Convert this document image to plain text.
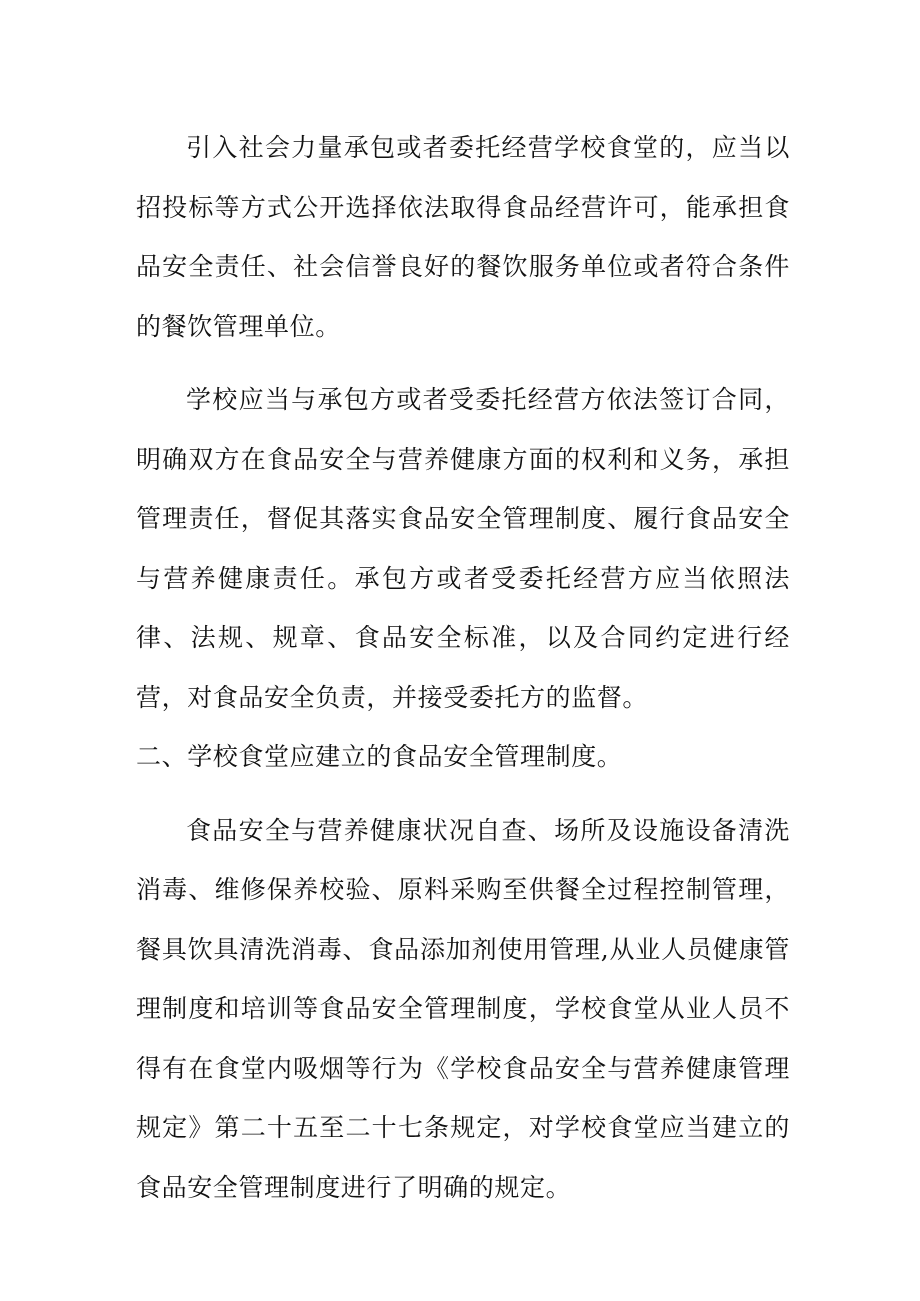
引入社会力量承包或者委托经营学校食堂的，应当以招投标等方式公开选择依法取得食品经营许可，能承担食品安全责任、社会信誉良好的餐饮服务单位或者符合条件的餐饮管理单位。

学校应当与承包方或者受委托经营方依法签订合同，明确双方在食品安全与营养健康方面的权利和义务，承担管理责任，督促其落实食品安全管理制度、履行食品安全与营养健康责任。承包方或者受委托经营方应当依照法律、法规、规章、食品安全标准，以及合同约定进行经营，对食品安全负责，并接受委托方的监督。

二、学校食堂应建立的食品安全管理制度。

食品安全与营养健康状况自查、场所及设施设备清洗消毒、维修保养校验、原料采购至供餐全过程控制管理，餐具饮具清洗消毒、食品添加剂使用管理,从业人员健康管理制度和培训等食品安全管理制度，学校食堂从业人员不得有在食堂内吸烟等行为《学校食品安全与营养健康管理规定》第二十五至二十七条规定，对学校食堂应当建立的食品安全管理制度进行了明确的规定。
